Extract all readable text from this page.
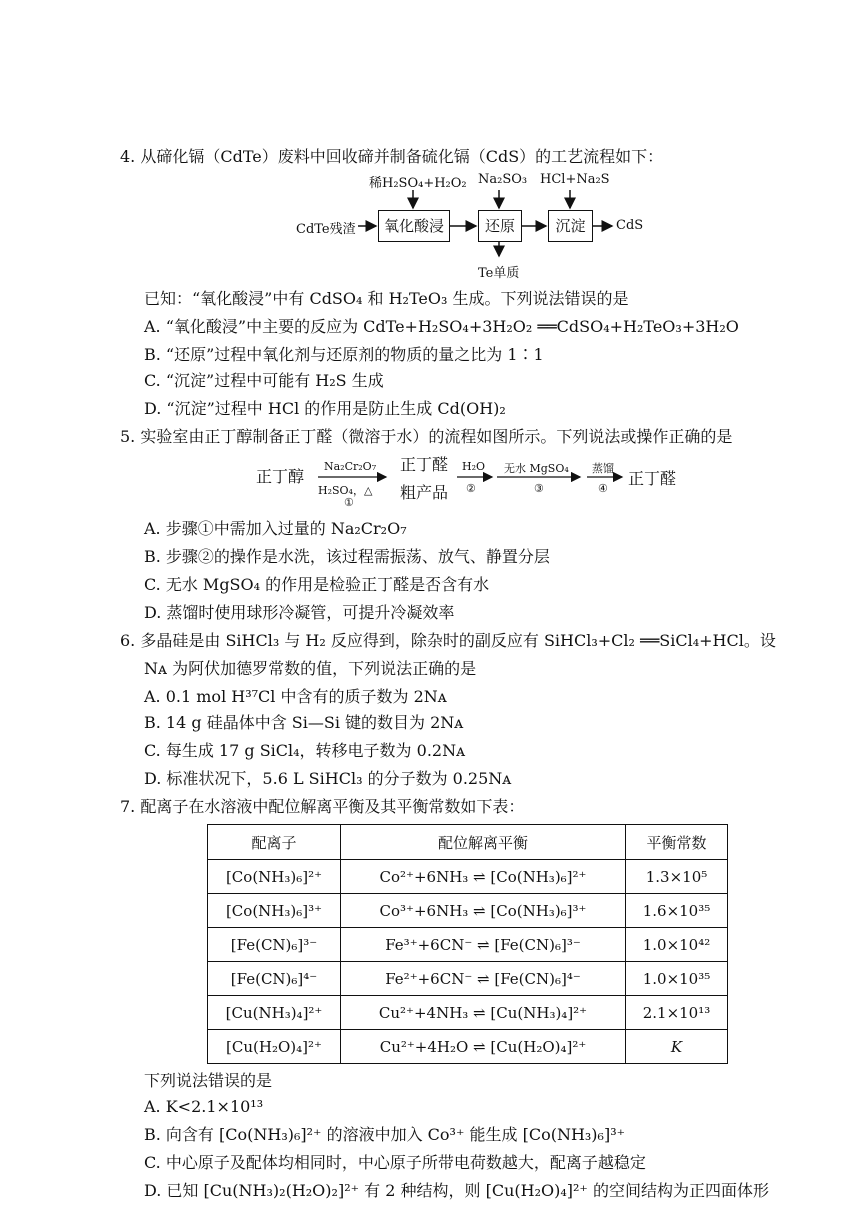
4. 从碲化镉（CdTe）废料中回收碲并制备硫化镉（CdS）的工艺流程如下：
稀H₂SO₄+H₂O₂ Na₂SO₃ HCl+Na₂S
CdTe残渣	氧化酸浸	还原	沉淀	CdS
Te单质
已知：“氧化酸浸”中有 CdSO₄ 和 H₂TeO₃ 生成。下列说法错误的是
A. “氧化酸浸”中主要的反应为 CdTe+H₂SO₄+3H₂O₂ ══CdSO₄+H₂TeO₃+3H₂O
B. “还原”过程中氧化剂与还原剂的物质的量之比为 1∶1
C. “沉淀”过程中可能有 H₂S 生成
D. “沉淀”过程中 HCl 的作用是防止生成 Cd(OH)₂
5. 实验室由正丁醇制备正丁醛（微溶于水）的流程如图所示。下列说法或操作正确的是
正丁醇
Na₂Cr₂O₇
H₂SO₄，△
①
正丁醛
粗产品
H₂O
②
无水 MgSO₄
③
蒸馏
④
正丁醛
A. 步骤①中需加入过量的 Na₂Cr₂O₇
B. 步骤②的操作是水洗，该过程需振荡、放气、静置分层
C. 无水 MgSO₄ 的作用是检验正丁醛是否含有水
D. 蒸馏时使用球形冷凝管，可提升冷凝效率
6. 多晶硅是由 SiHCl₃ 与 H₂ 反应得到，除杂时的副反应有 SiHCl₃+Cl₂ ══SiCl₄+HCl。设
Nᴀ 为阿伏加德罗常数的值，下列说法正确的是
A. 0.1 mol H³⁷Cl 中含有的质子数为 2Nᴀ
B. 14 g 硅晶体中含 Si—Si 键的数目为 2Nᴀ
C. 每生成 17 g SiCl₄，转移电子数为 0.2Nᴀ
D. 标准状况下，5.6 L SiHCl₃ 的分子数为 0.25Nᴀ
7. 配离子在水溶液中配位解离平衡及其平衡常数如下表：
配离子	配位解离平衡	平衡常数
[Co(NH₃)₆]²⁺	Co²⁺+6NH₃ ⇌ [Co(NH₃)₆]²⁺	1.3×10⁵
[Co(NH₃)₆]³⁺	Co³⁺+6NH₃ ⇌ [Co(NH₃)₆]³⁺	1.6×10³⁵
[Fe(CN)₆]³⁻	Fe³⁺+6CN⁻ ⇌ [Fe(CN)₆]³⁻	1.0×10⁴²
[Fe(CN)₆]⁴⁻	Fe²⁺+6CN⁻ ⇌ [Fe(CN)₆]⁴⁻	1.0×10³⁵
[Cu(NH₃)₄]²⁺	Cu²⁺+4NH₃ ⇌ [Cu(NH₃)₄]²⁺	2.1×10¹³
[Cu(H₂O)₄]²⁺	Cu²⁺+4H₂O ⇌ [Cu(H₂O)₄]²⁺	K
下列说法错误的是
A. K<2.1×10¹³
B. 向含有 [Co(NH₃)₆]²⁺ 的溶液中加入 Co³⁺ 能生成 [Co(NH₃)₆]³⁺
C. 中心原子及配体均相同时，中心原子所带电荷数越大，配离子越稳定
D. 已知 [Cu(NH₃)₂(H₂O)₂]²⁺ 有 2 种结构，则 [Cu(H₂O)₄]²⁺ 的空间结构为正四面体形
